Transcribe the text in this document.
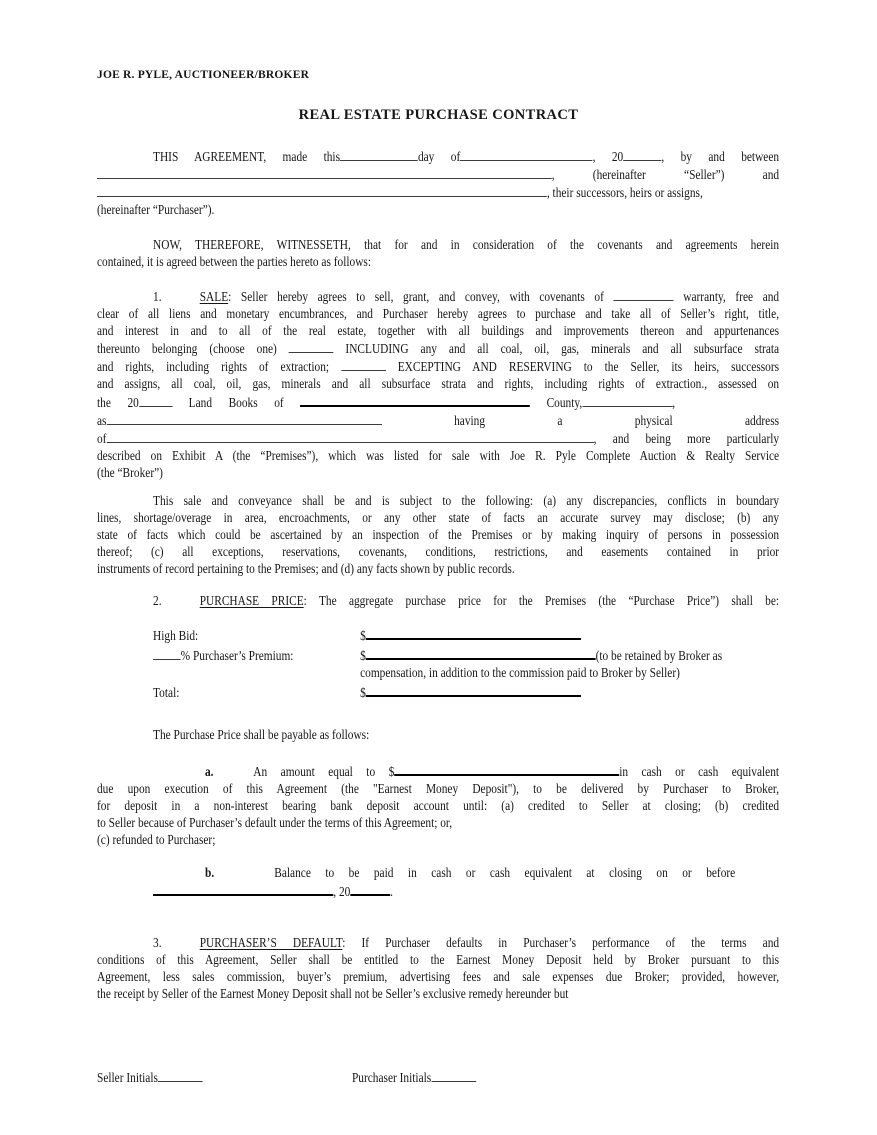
JOE R. PYLE, AUCTIONEER/BROKER
REAL ESTATE PURCHASE CONTRACT
THIS AGREEMENT, made this	day of	, 20	, by and between
,	(hereinafter	“Seller”)	and
, their successors, heirs or assigns,
(hereinafter “Purchaser”).
NOW, THEREFORE, WITNESSETH, that for and in consideration of the covenants and agreements herein
contained, it is agreed between the parties hereto as follows:
1.	SALE: Seller hereby agrees to sell, grant, and convey, with covenants of	warranty, free and
clear of all liens and monetary encumbrances, and Purchaser hereby agrees to purchase and take all of Seller’s right, title,
and interest in and to all of the real estate, together with all buildings and improvements thereon and appurtenances
thereunto belonging (choose one)	INCLUDING any and all coal, oil, gas, minerals and all subsurface strata
and rights, including rights of extraction;	EXCEPTING AND RESERVING to the Seller, its heirs, successors
and assigns, all coal, oil, gas, minerals and all subsurface strata and rights, including rights of extraction., assessed on
the 20	Land Books of	County,	,
as	having a physical address
of	, and being more particularly
described on Exhibit A (the “Premises”), which was listed for sale with Joe R. Pyle Complete Auction & Realty Service
(the “Broker”)
This sale and conveyance shall be and is subject to the following: (a) any discrepancies, conflicts in boundary
lines, shortage/overage in area, encroachments, or any other state of facts an accurate survey may disclose; (b) any
state of facts which could be ascertained by an inspection of the Premises or by making inquiry of persons in possession
thereof; (c) all exceptions, reservations, covenants, conditions, restrictions, and easements contained in prior
instruments of record pertaining to the Premises; and (d) any facts shown by public records.
2.	PURCHASE PRICE: The aggregate purchase price for the Premises (the “Purchase Price”) shall be:
High Bid:	$
% Purchaser’s Premium:	$	(to be retained by Broker as
compensation, in addition to the commission paid to Broker by Seller)
Total:	$
The Purchase Price shall be payable as follows:
a.	An amount equal to $	in cash or cash equivalent
due upon execution of this Agreement (the "Earnest Money Deposit"), to be delivered by Purchaser to Broker,
for deposit in a non-interest bearing bank deposit account until: (a) credited to Seller at closing; (b) credited
to Seller because of Purchaser’s default under the terms of this Agreement; or,
(c) refunded to Purchaser;
b.	Balance to be paid in cash or cash equivalent at closing on or before
, 20	.
3.	PURCHASER’S DEFAULT: If Purchaser defaults in Purchaser’s performance of the terms and
conditions of this Agreement, Seller shall be entitled to the Earnest Money Deposit held by Broker pursuant to this
Agreement, less sales commission, buyer’s premium, advertising fees and sale expenses due Broker; provided, however,
the receipt by Seller of the Earnest Money Deposit shall not be Seller’s exclusive remedy hereunder but
Seller Initials	Purchaser Initials
